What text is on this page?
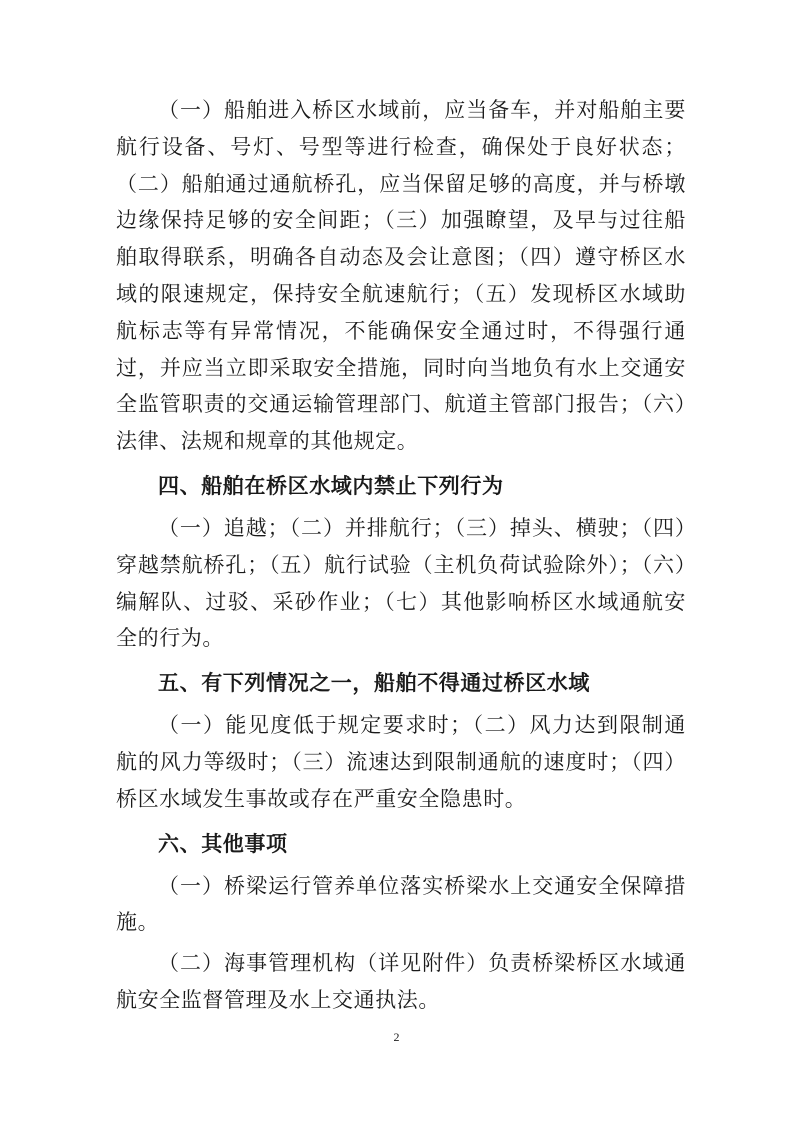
（一）船舶进入桥区水域前，应当备车，并对船舶主要航行设备、号灯、号型等进行检查，确保处于良好状态；（二）船舶通过通航桥孔，应当保留足够的高度，并与桥墩边缘保持足够的安全间距；（三）加强瞭望，及早与过往船舶取得联系，明确各自动态及会让意图；（四）遵守桥区水域的限速规定，保持安全航速航行；（五）发现桥区水域助航标志等有异常情况，不能确保安全通过时，不得强行通过，并应当立即采取安全措施，同时向当地负有水上交通安全监管职责的交通运输管理部门、航道主管部门报告；（六）法律、法规和规章的其他规定。

四、船舶在桥区水域内禁止下列行为

（一）追越；（二）并排航行；（三）掉头、横驶；（四）穿越禁航桥孔；（五）航行试验（主机负荷试验除外）；（六）编解队、过驳、采砂作业；（七）其他影响桥区水域通航安全的行为。

五、有下列情况之一，船舶不得通过桥区水域

（一）能见度低于规定要求时；（二）风力达到限制通航的风力等级时；（三）流速达到限制通航的速度时；（四）桥区水域发生事故或存在严重安全隐患时。

六、其他事项

（一）桥梁运行管养单位落实桥梁水上交通安全保障措施。

（二）海事管理机构（详见附件）负责桥梁桥区水域通航安全监督管理及水上交通执法。

2
